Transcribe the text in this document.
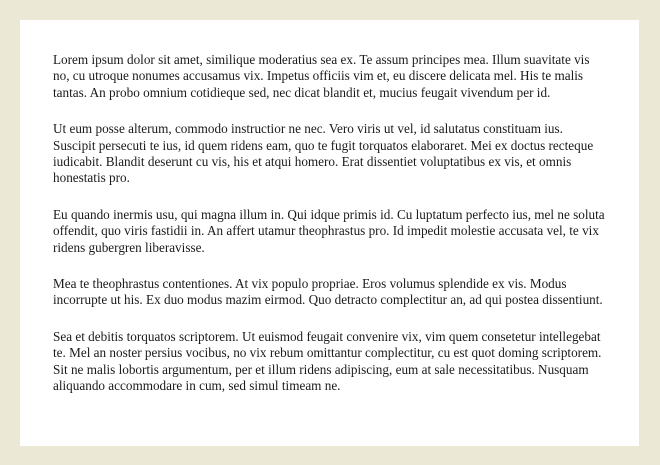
Lorem ipsum dolor sit amet, similique moderatius sea ex. Te assum principes mea. Illum suavitate vis no, cu utroque nonumes accusamus vix. Impetus officiis vim et, eu discere delicata mel. His te malis tantas. An probo omnium cotidieque sed, nec dicat blandit et, mucius feugait vivendum per id.

Ut eum posse alterum, commodo instructior ne nec. Vero viris ut vel, id salutatus constituam ius. Suscipit persecuti te ius, id quem ridens eam, quo te fugit torquatos elaboraret. Mei ex doctus recteque iudicabit. Blandit deserunt cu vis, his et atqui homero. Erat dissentiet voluptatibus ex vis, et omnis honestatis pro.

Eu quando inermis usu, qui magna illum in. Qui idque primis id. Cu luptatum perfecto ius, mel ne soluta offendit, quo viris fastidii in. An affert utamur theophrastus pro. Id impedit molestie accusata vel, te vix ridens gubergren liberavisse.

Mea te theophrastus contentiones. At vix populo propriae. Eros volumus splendide ex vis. Modus incorrupte ut his. Ex duo modus mazim eirmod. Quo detracto complectitur an, ad qui postea dissentiunt.

Sea et debitis torquatos scriptorem. Ut euismod feugait convenire vix, vim quem consetetur intellegebat te. Mel an noster persius vocibus, no vix rebum omittantur complectitur, cu est quot doming scriptorem. Sit ne malis lobortis argumentum, per et illum ridens adipiscing, eum at sale necessitatibus. Nusquam aliquando accommodare in cum, sed simul timeam ne.
